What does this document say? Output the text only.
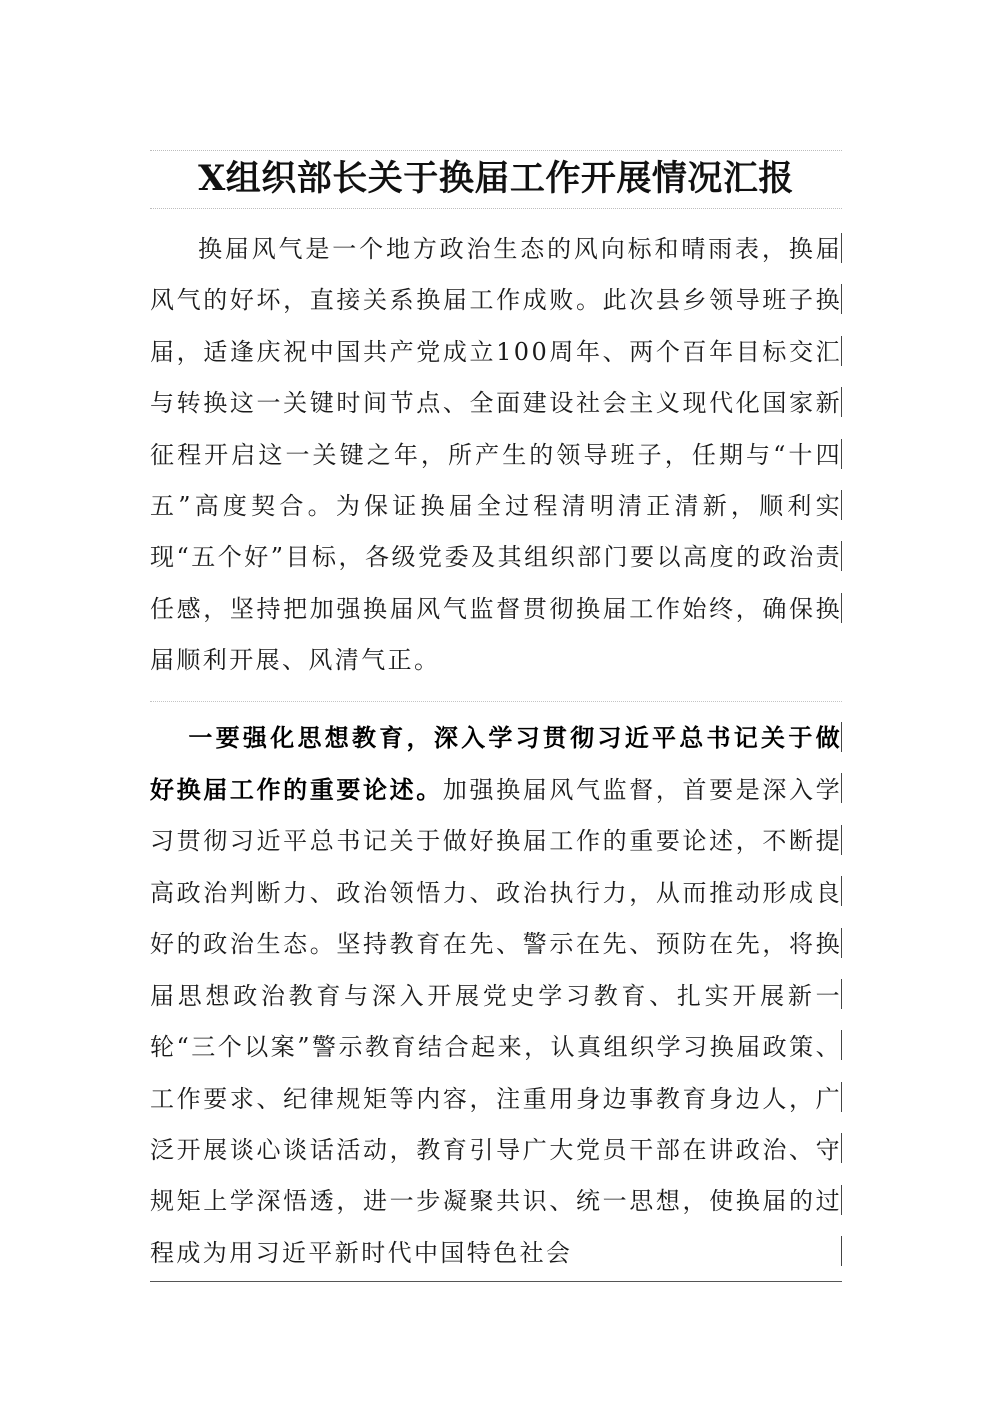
X组织部长关于换届工作开展情况汇报

换届风气是一个地方政治生态的风向标和晴雨表，换届风气的好坏，直接关系换届工作成败。此次县乡领导班子换届，适逢庆祝中国共产党成立100周年、两个百年目标交汇与转换这一关键时间节点、全面建设社会主义现代化国家新征程开启这一关键之年，所产生的领导班子，任期与“十四五”高度契合。为保证换届全过程清明清正清新，顺利实现“五个好”目标，各级党委及其组织部门要以高度的政治责任感，坚持把加强换届风气监督贯彻换届工作始终，确保换届顺利开展、风清气正。

一要强化思想教育，深入学习贯彻习近平总书记关于做好换届工作的重要论述。加强换届风气监督，首要是深入学习贯彻习近平总书记关于做好换届工作的重要论述，不断提高政治判断力、政治领悟力、政治执行力，从而推动形成良好的政治生态。坚持教育在先、警示在先、预防在先，将换届思想政治教育与深入开展党史学习教育、扎实开展新一轮“三个以案”警示教育结合起来，认真组织学习换届政策、工作要求、纪律规矩等内容，注重用身边事教育身边人，广泛开展谈心谈话活动，教育引导广大党员干部在讲政治、守规矩上学深悟透，进一步凝聚共识、统一思想，使换届的过程成为用习近平新时代中国特色社会
